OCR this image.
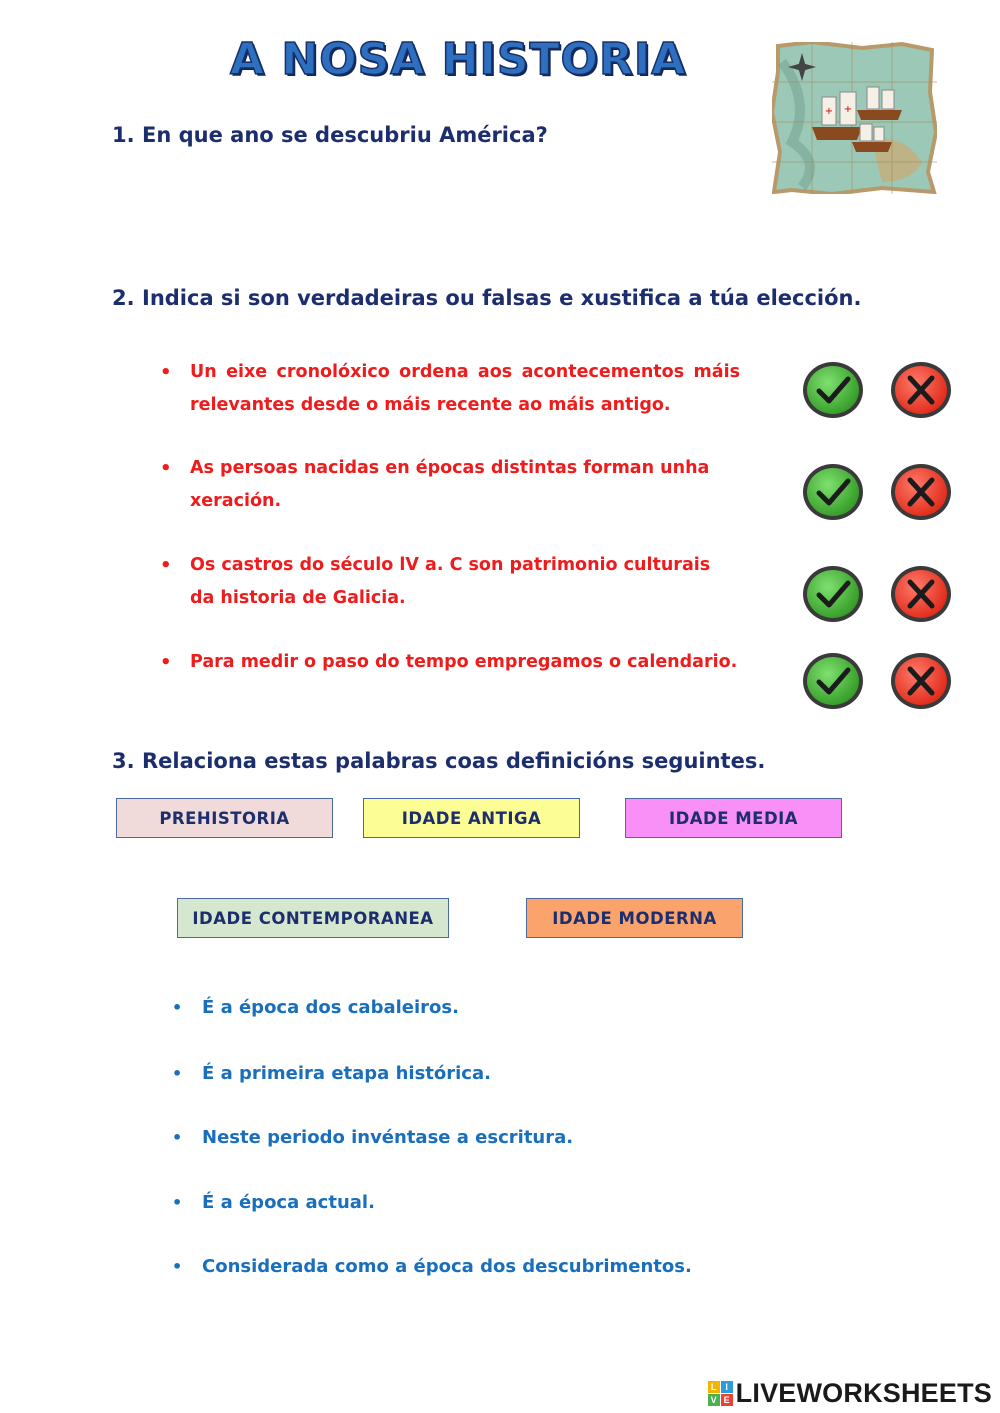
A NOSA HISTORIA
+ +
1. En que ano se descubriu América?
2. Indica si son verdadeiras ou falsas e xustifica a túa elección.
• Un eixe cronolóxico ordena aos acontecementos máis relevantes desde o máis recente ao máis antigo.
• As persoas nacidas en épocas distintas forman unha xeración.
• Os castros do século lV a. C son patrimonio culturais da historia de Galicia.
• Para medir o paso do tempo empregamos o calendario.
3. Relaciona estas palabras coas definicións seguintes.
PREHISTORIA	IDADE ANTIGA	IDADE MEDIA
IDADE CONTEMPORANEA	IDADE MODERNA
• É a época dos cabaleiros.
• É a primeira etapa histórica.
• Neste periodo invéntase a escritura.
• É a época actual.
• Considerada como a época dos descubrimentos.
L I
V E LIVEWORKSHEETS
